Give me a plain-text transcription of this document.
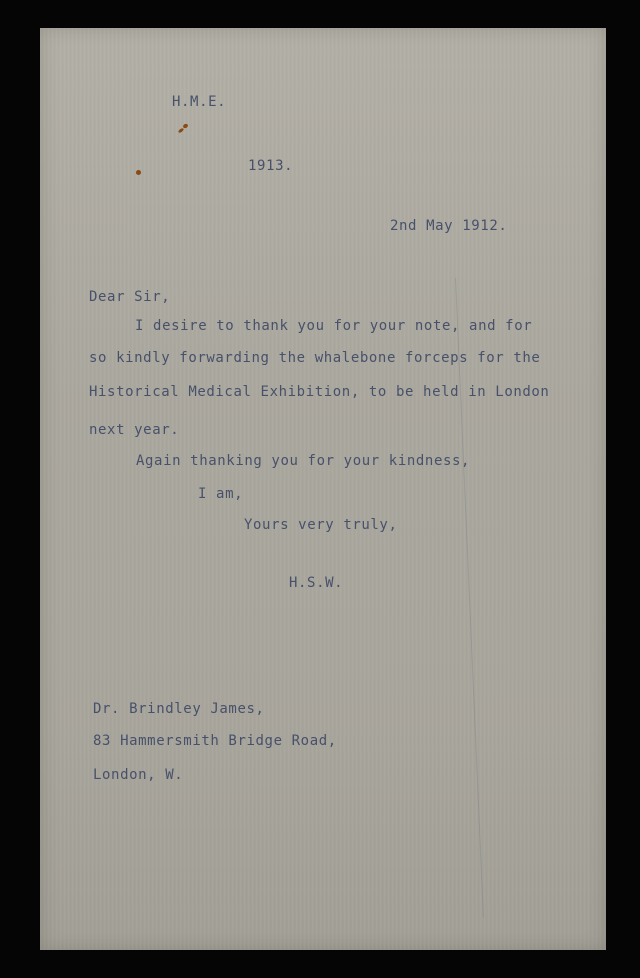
H.M.E.

1913.

2nd May 1912.

Dear Sir,

I desire to thank you for your note, and for

so kindly forwarding the whalebone forceps for the

Historical Medical Exhibition, to be held in London

next year.

Again thanking you for your kindness,

I am,

Yours very truly,

H.S.W.

Dr. Brindley James,

83 Hammersmith Bridge Road,

London, W.
